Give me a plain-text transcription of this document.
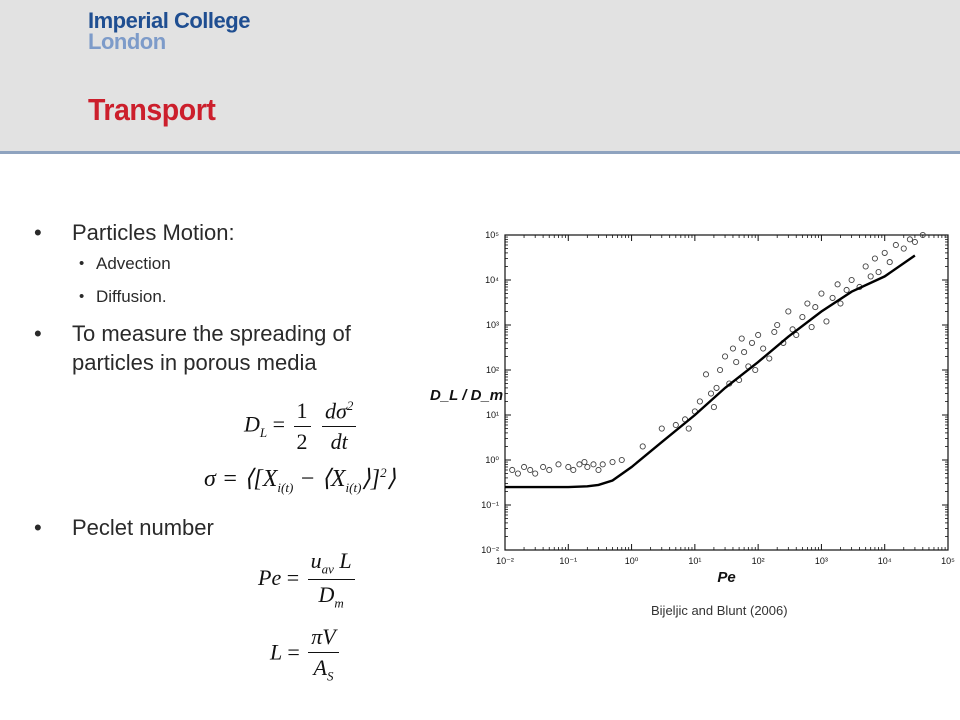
Imperial College
London
Transport
• Particles Motion:
• Advection
• Diffusion.
• To measure the spreading of particles in porous media
• Peclet number
$D_L = \frac{1}{2}$
$\frac{d\sigma^2}{dt}$
$\sigma = ⟨[X_{i(t)}$ − $⟨X_{i(t)}⟩]^2⟩$
$Pe = \frac{u_{av} L}{D_m}$
$L = \frac{\pi V}{A_S}$
10⁻²	10⁻¹	10⁰	10¹	10²	10³	10⁴	10⁵
10⁻²
10⁻¹
10⁰
10¹
10²
10³
10⁴
10⁵
Pe
D_L / D_m
Bijeljic and Blunt (2006)
